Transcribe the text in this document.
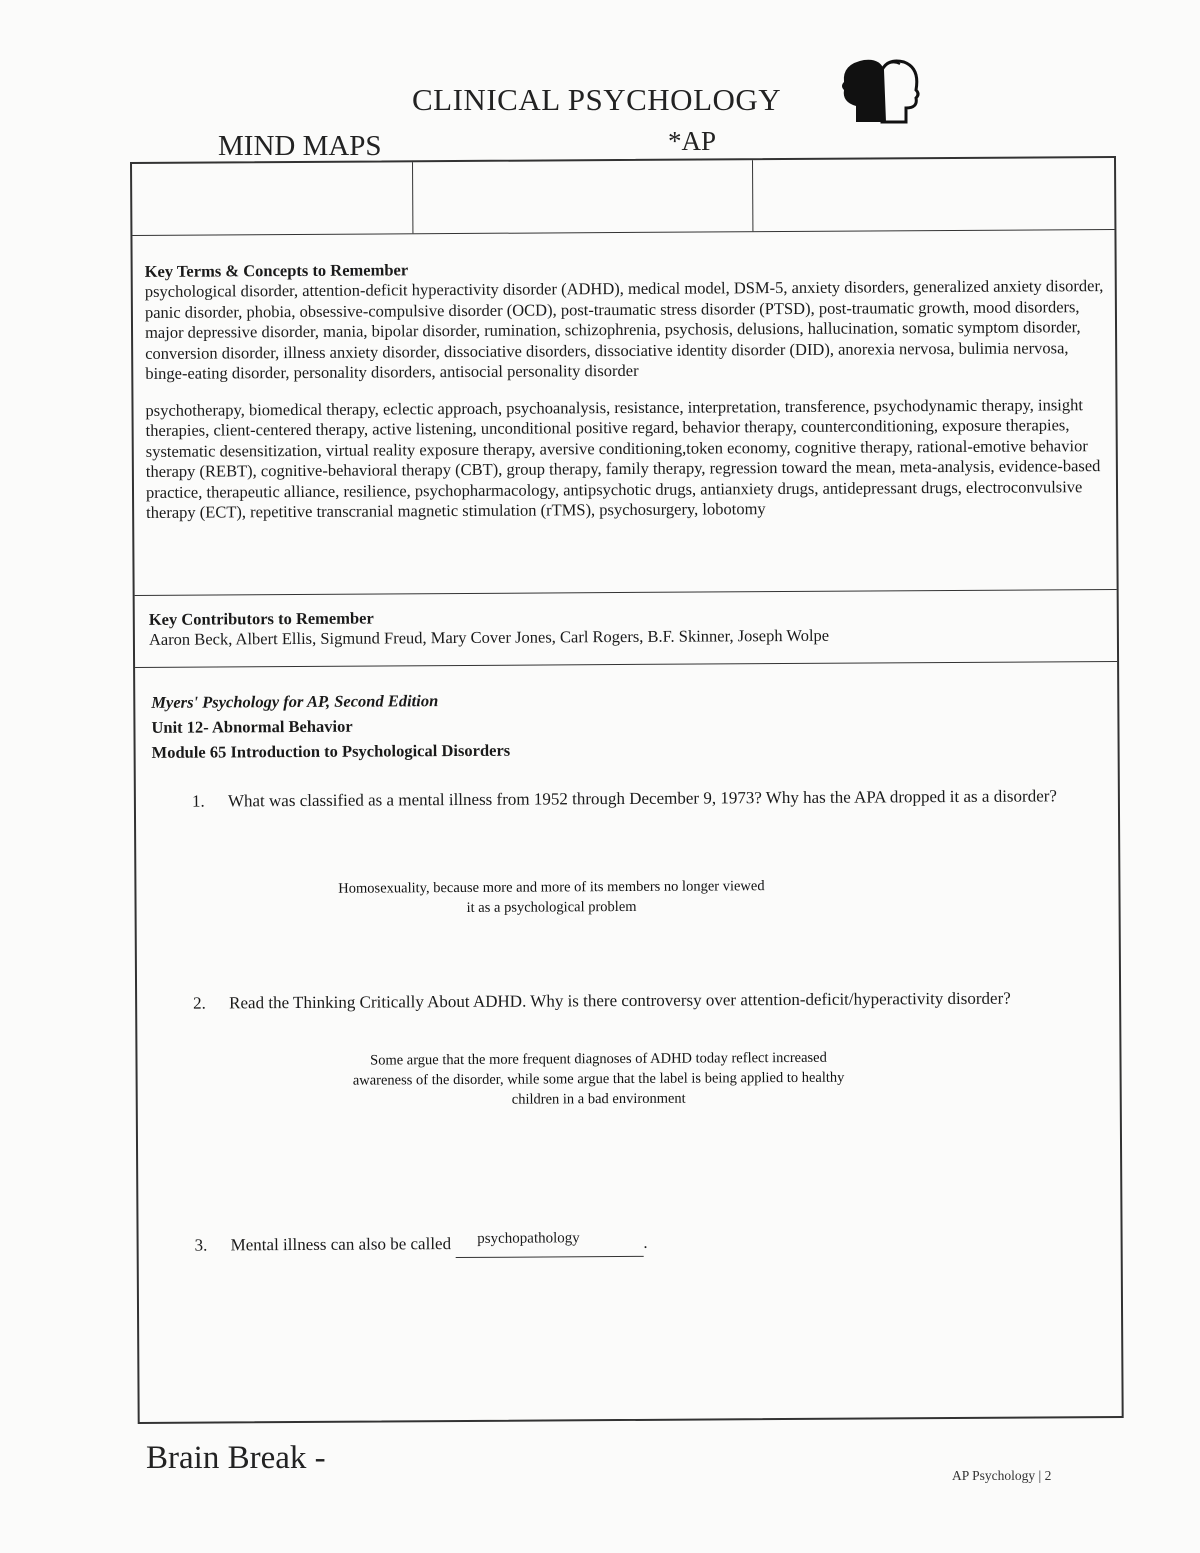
CLINICAL PSYCHOLOGY
MIND MAPS	*AP
Key Terms & Concepts to Remember
psychological disorder, attention-deficit hyperactivity disorder (ADHD), medical model, DSM-5, anxiety disorders, generalized anxiety disorder, panic disorder, phobia, obsessive-compulsive disorder (OCD), post-traumatic stress disorder (PTSD), post-traumatic growth, mood disorders, major depressive disorder, mania, bipolar disorder, rumination, schizophrenia, psychosis, delusions, hallucination, somatic symptom disorder, conversion disorder, illness anxiety disorder, dissociative disorders, dissociative identity disorder (DID), anorexia nervosa, bulimia nervosa, binge-eating disorder, personality disorders, antisocial personality disorder
psychotherapy, biomedical therapy, eclectic approach, psychoanalysis, resistance, interpretation, transference, psychodynamic therapy, insight therapies, client-centered therapy, active listening, unconditional positive regard, behavior therapy, counterconditioning, exposure therapies, systematic desensitization, virtual reality exposure therapy, aversive conditioning,token economy, cognitive therapy, rational-emotive behavior therapy (REBT), cognitive-behavioral therapy (CBT), group therapy, family therapy, regression toward the mean, meta-analysis, evidence-based practice, therapeutic alliance, resilience, psychopharmacology, antipsychotic drugs, antianxiety drugs, antidepressant drugs, electroconvulsive therapy (ECT), repetitive transcranial magnetic stimulation (rTMS), psychosurgery, lobotomy
Key Contributors to Remember
Aaron Beck, Albert Ellis, Sigmund Freud, Mary Cover Jones, Carl Rogers, B.F. Skinner, Joseph Wolpe
Myers' Psychology for AP, Second Edition
Unit 12- Abnormal Behavior
Module 65 Introduction to Psychological Disorders
1. What was classified as a mental illness from 1952 through December 9, 1973? Why has the APA dropped it as a disorder?
Homosexuality, because more and more of its members no longer viewed it as a psychological problem
2. Read the Thinking Critically About ADHD. Why is there controversy over attention-deficit/hyperactivity disorder?
Some argue that the more frequent diagnoses of ADHD today reflect increased awareness of the disorder, while some argue that the label is being applied to healthy children in a bad environment
3. Mental illness can also be called psychopathology	.
Brain Break -	AP Psychology | 2
